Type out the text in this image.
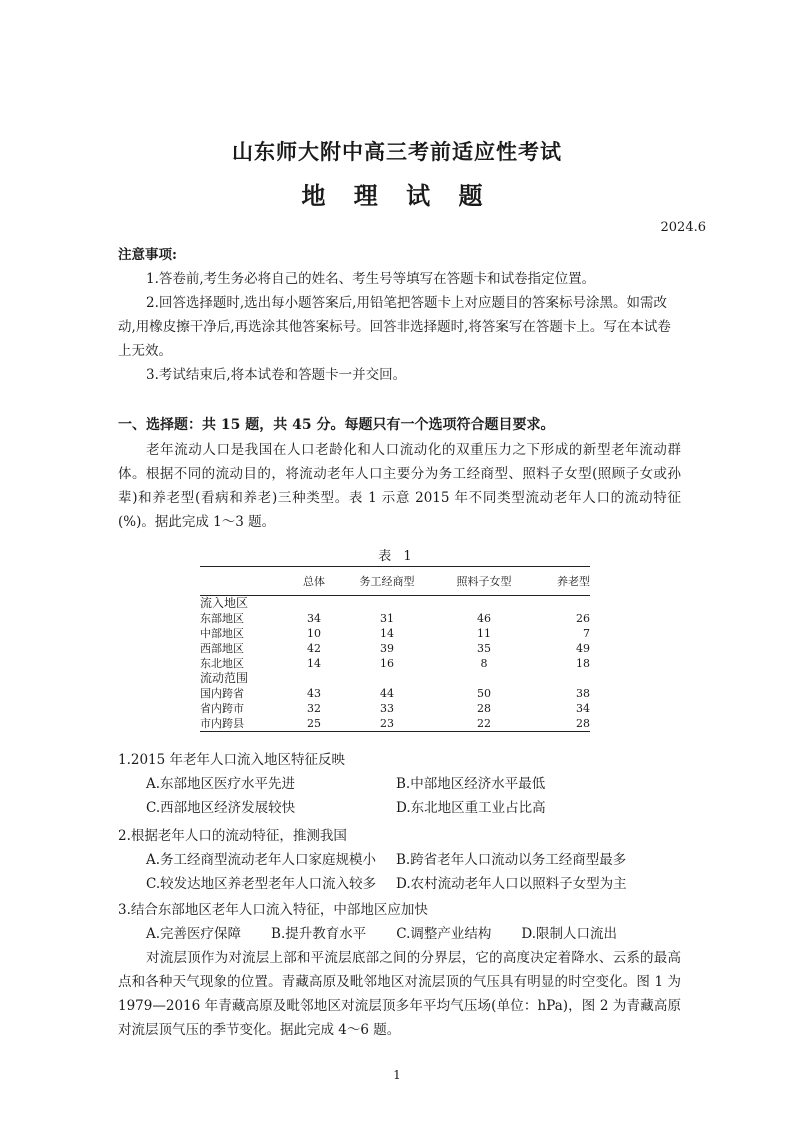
山东师大附中高三考前适应性考试
地 理 试 题
2024.6
注意事项:
1.答卷前,考生务必将自己的姓名、考生号等填写在答题卡和试卷指定位置。
2.回答选择题时,选出每小题答案后,用铅笔把答题卡上对应题目的答案标号涂黑。如需改动,用橡皮擦干净后,再选涂其他答案标号。回答非选择题时,将答案写在答题卡上。写在本试卷上无效。
3.考试结束后,将本试卷和答题卡一并交回。
一、选择题：共 15 题，共 45 分。每题只有一个选项符合题目要求。
老年流动人口是我国在人口老龄化和人口流动化的双重压力之下形成的新型老年流动群体。根据不同的流动目的，将流动老年人口主要分为务工经商型、照料子女型(照顾子女或孙辈)和养老型(看病和养老)三种类型。表 1 示意 2015 年不同类型流动老年人口的流动特征(%)。据此完成 1～3 题。
表 1
	总体	务工经商型	照料子女型	养老型
流入地区				
东部地区	34	31	46	26
中部地区	10	14	11	7
西部地区	42	39	35	49
东北地区	14	16	8	18
流动范围				
国内跨省	43	44	50	38
省内跨市	32	33	28	34
市内跨县	25	23	22	28
1.2015 年老年人口流入地区特征反映
A.东部地区医疗水平先进	B.中部地区经济水平最低
C.西部地区经济发展较快	D.东北地区重工业占比高
2.根据老年人口的流动特征，推测我国
A.务工经商型流动老年人口家庭规模小	B.跨省老年人口流动以务工经商型最多
C.较发达地区养老型老年人口流入较多	D.农村流动老年人口以照料子女型为主
3.结合东部地区老年人口流入特征，中部地区应加快
A.完善医疗保障 B.提升教育水平 C.调整产业结构 D.限制人口流出
对流层顶作为对流层上部和平流层底部之间的分界层，它的高度决定着降水、云系的最高点和各种天气现象的位置。青藏高原及毗邻地区对流层顶的气压具有明显的时空变化。图 1 为 1979—2016 年青藏高原及毗邻地区对流层顶多年平均气压场(单位：hPa)，图 2 为青藏高原对流层顶气压的季节变化。据此完成 4～6 题。
1
